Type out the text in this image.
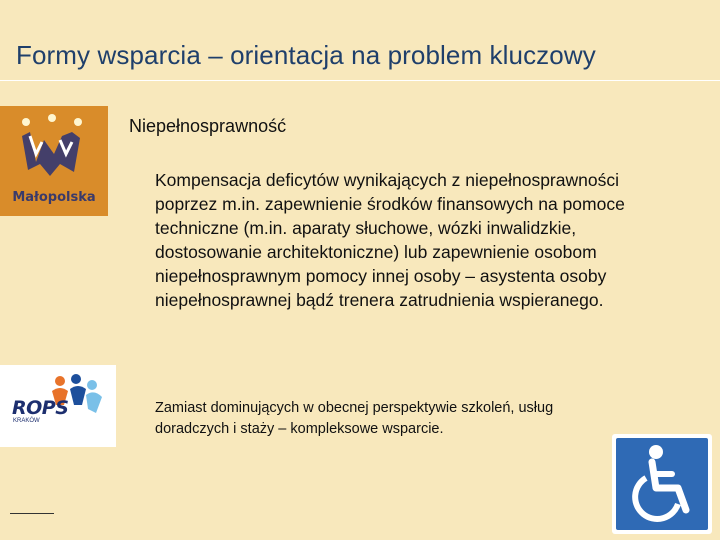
Formy wsparcia – orientacja na problem kluczowy
Małopolska
Niepełnosprawność
Kompensacja deficytów wynikających z niepełnosprawności poprzez m.in. zapewnienie środków finansowych na pomoce techniczne (m.in. aparaty słuchowe, wózki inwalidzkie, dostosowanie architektoniczne) lub zapewnienie osobom niepełnosprawnym pomocy innej osoby – asystenta osoby niepełnosprawnej bądź trenera zatrudnienia wspieranego.
Zamiast dominujących w obecnej perspektywie szkoleń, usług doradczych i staży – kompleksowe wsparcie.
ROPS
KRAKÓW
